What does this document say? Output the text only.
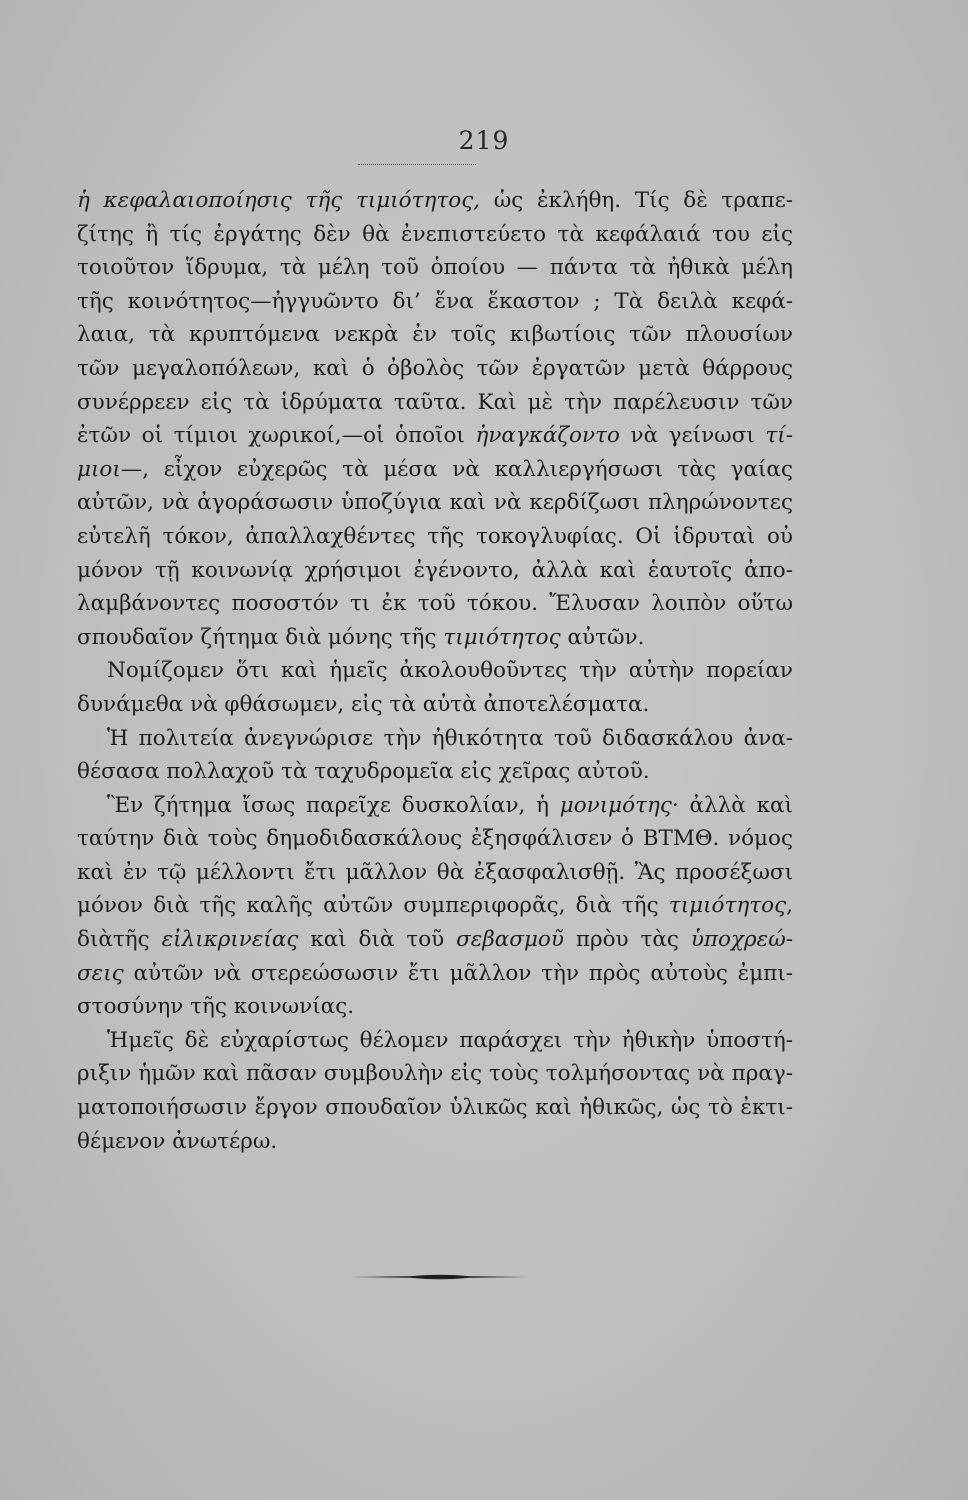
219
ἡ κεφαλαιοποίησις τῆς τιμιότητος, ὡς ἐκλήθη. Τίς δὲ τραπε-
ζίτης ἢ τίς ἐργάτης δὲν θὰ ἐνεπιστεύετο τὰ κεφάλαιά του εἰς
τοιοῦτον ἵδρυμα, τὰ μέλη τοῦ ὁποίου — πάντα τὰ ἠθικὰ μέλη
τῆς κοινότητος—ἠγγυῶντο δι’ ἕνα ἕκαστον ; Τὰ δειλὰ κεφά-
λαια, τὰ κρυπτόμενα νεκρὰ ἐν τοῖς κιβωτίοις τῶν πλουσίων
τῶν μεγαλοπόλεων, καὶ ὁ ὀβολὸς τῶν ἐργατῶν μετὰ θάρρους
συνέρρεεν εἰς τὰ ἱδρύματα ταῦτα. Καὶ μὲ τὴν παρέλευσιν τῶν
ἐτῶν οἱ τίμιοι χωρικοί,—οἱ ὁποῖοι ἠναγκάζοντο νὰ γείνωσι τί-
μιοι—, εἶχον εὐχερῶς τὰ μέσα νὰ καλλιεργήσωσι τὰς γαίας
αὐτῶν, νὰ ἀγοράσωσιν ὑποζύγια καὶ νὰ κερδίζωσι πληρώνοντες
εὐτελῆ τόκον, ἀπαλλαχθέντες τῆς τοκογλυφίας. Οἱ ἱδρυταὶ οὐ
μόνον τῇ κοινωνίᾳ χρήσιμοι ἐγένοντο, ἀλλὰ καὶ ἑαυτοῖς ἀπο-
λαμβάνοντες ποσοστόν τι ἐκ τοῦ τόκου. Ἔλυσαν λοιπὸν οὕτω
σπουδαῖον ζήτημα διὰ μόνης τῆς τιμιότητος αὐτῶν.
Νομίζομεν ὅτι καὶ ἡμεῖς ἀκολουθοῦντες τὴν αὐτὴν πορείαν
δυνάμεθα νὰ φθάσωμεν, εἰς τὰ αὐτὰ ἀποτελέσματα.
Ἡ πολιτεία ἀνεγνώρισε τὴν ἠθικότητα τοῦ διδασκάλου ἀνα-
θέσασα πολλαχοῦ τὰ ταχυδρομεῖα εἰς χεῖρας αὐτοῦ.
Ἓν ζήτημα ἴσως παρεῖχε δυσκολίαν, ἡ μονιμότης· ἀλλὰ καὶ
ταύτην διὰ τοὺς δημοδιδασκάλους ἐξησφάλισεν ὁ ΒΤΜΘ. νόμος
καὶ ἐν τῷ μέλλοντι ἔτι μᾶλλον θὰ ἐξασφαλισθῇ. Ἂς προσέξωσι
μόνον διὰ τῆς καλῆς αὐτῶν συμπεριφορᾶς, διὰ τῆς τιμιότητος,
διὰτῆς εἰλικρινείας καὶ διὰ τοῦ σεβασμοῦ πρὸυ τὰς ὑποχρεώ-
σεις αὐτῶν νὰ στερεώσωσιν ἔτι μᾶλλον τὴν πρὸς αὐτοὺς ἐμπι-
στοσύνην τῆς κοινωνίας.
Ἡμεῖς δὲ εὐχαρίστως θέλομεν παράσχει τὴν ἠθικὴν ὑποστή-
ριξιν ἡμῶν καὶ πᾶσαν συμβουλὴν εἰς τοὺς τολμήσοντας νὰ πραγ-
ματοποιήσωσιν ἔργον σπουδαῖον ὑλικῶς καὶ ἠθικῶς, ὡς τὸ ἐκτι-
θέμενον ἀνωτέρω.
